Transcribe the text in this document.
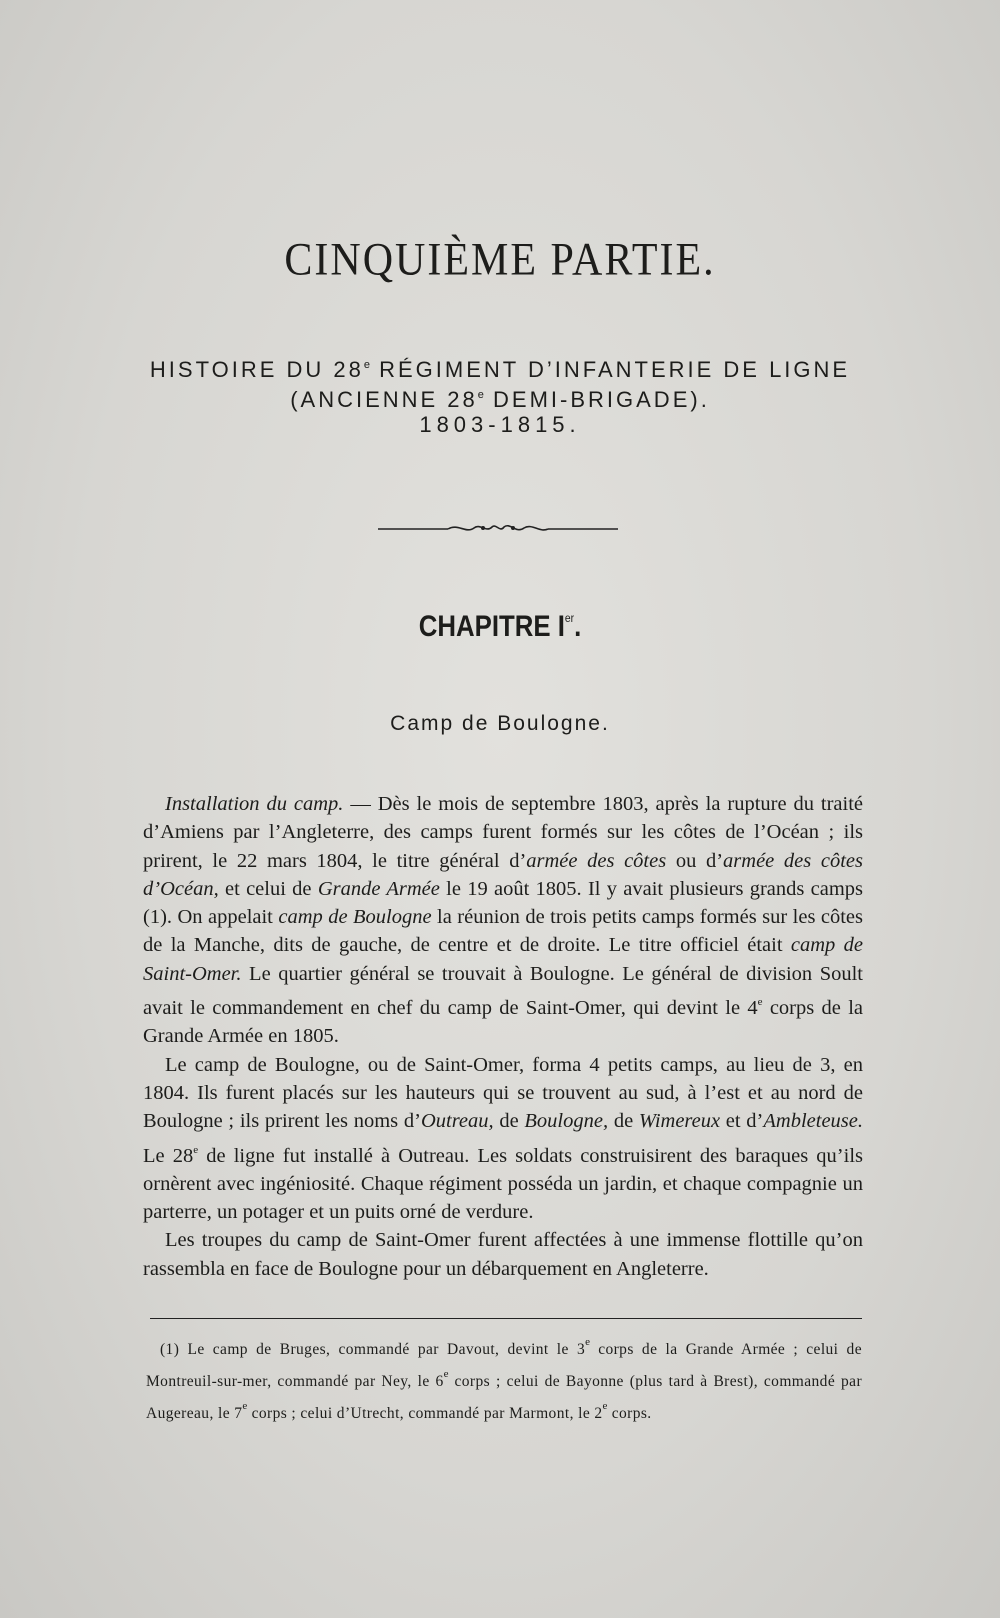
CINQUIÈME PARTIE.
HISTOIRE DU 28e RÉGIMENT D’INFANTERIE DE LIGNE
(ANCIENNE 28e DEMI-BRIGADE).
1803-1815.
CHAPITRE Ier.
Camp de Boulogne.

Installation du camp. — Dès le mois de septembre 1803, après la rupture du traité d’Amiens par l’Angleterre, des camps furent formés sur les côtes de l’Océan ; ils prirent, le 22 mars 1804, le titre général d’armée des côtes ou d’armée des côtes d’Océan, et celui de Grande Armée le 19 août 1805. Il y avait plusieurs grands camps (1). On appelait camp de Boulogne la réunion de trois petits camps formés sur les côtes de la Manche, dits de gauche, de centre et de droite. Le titre officiel était camp de Saint-Omer. Le quartier général se trouvait à Boulogne. Le général de division Soult avait le commandement en chef du camp de Saint-Omer, qui devint le 4e corps de la Grande Armée en 1805.

Le camp de Boulogne, ou de Saint-Omer, forma 4 petits camps, au lieu de 3, en 1804. Ils furent placés sur les hauteurs qui se trouvent au sud, à l’est et au nord de Boulogne ; ils prirent les noms d’Outreau, de Boulogne, de Wimereux et d’Ambleteuse. Le 28e de ligne fut installé à Outreau. Les soldats construisirent des baraques qu’ils ornèrent avec ingéniosité. Chaque régiment posséda un jardin, et chaque compagnie un parterre, un potager et un puits orné de verdure.

Les troupes du camp de Saint-Omer furent affectées à une immense flottille qu’on rassembla en face de Boulogne pour un débarquement en Angleterre.

(1) Le camp de Bruges, commandé par Davout, devint le 3e corps de la Grande Armée ; celui de Montreuil-sur-mer, commandé par Ney, le 6e corps ; celui de Bayonne (plus tard à Brest), commandé par Augereau, le 7e corps ; celui d’Utrecht, commandé par Marmont, le 2e corps.
